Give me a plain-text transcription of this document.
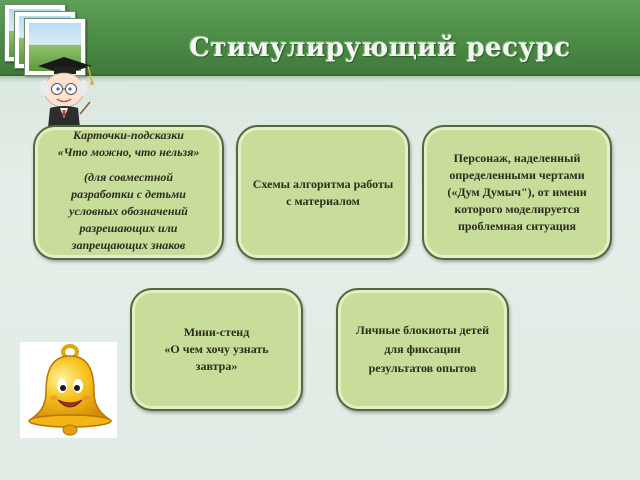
Стимулирующий ресурс

Карточки-подсказки

«Что можно, что нельзя»

(для совместной

разработки с детьми

условных обозначений

разрешающих или

запрещающих знаков

Схемы алгоритма работы

с материалом

Персонаж, наделенный

определенными чертами

(«Дум Думыч"), от имени

которого моделируется

проблемная ситуация

Мини-стенд

«О чем хочу узнать

завтра»

Личные блокноты детей

для фиксации

результатов опытов
